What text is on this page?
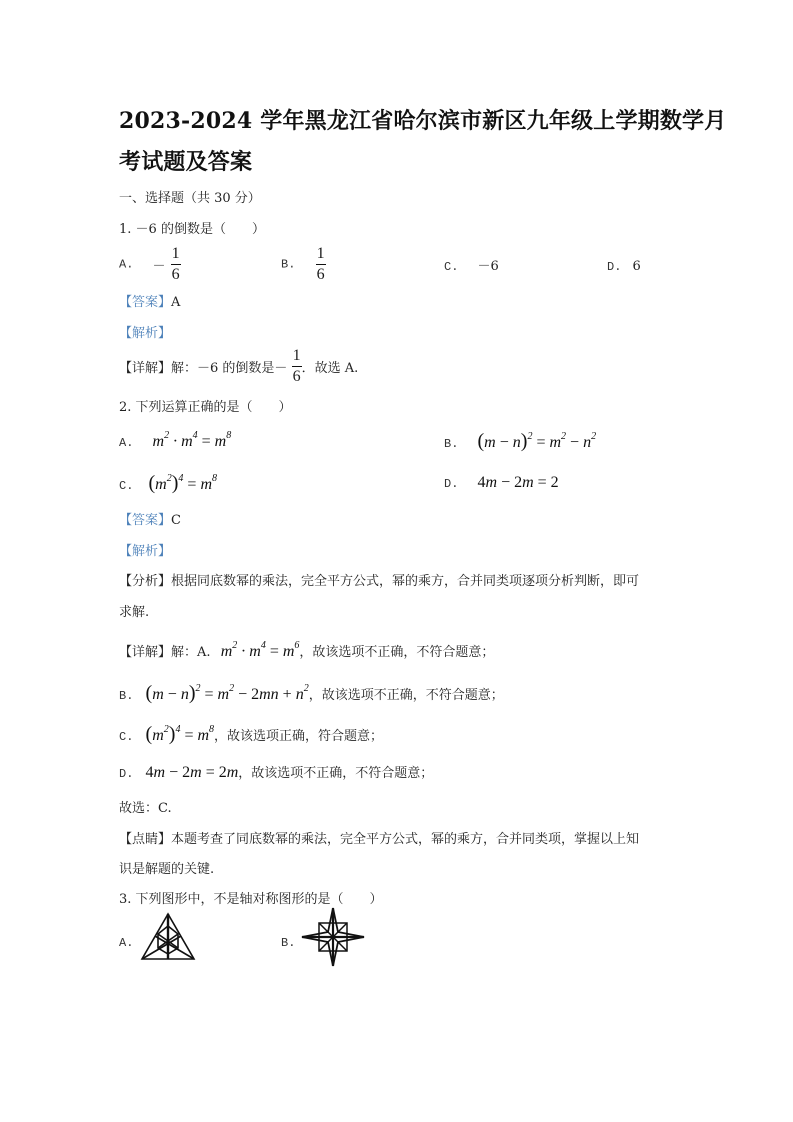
2023-2024 学年黑龙江省哈尔滨市新区九年级上学期数学月
考试题及答案
一、选择题（共 30 分）
1. －6 的倒数是（　　）
A. － $\frac{1}{6}$	B. $\frac{1}{6}$	C. －6	D. 6
【答案】A
【解析】
【详解】解：－6 的倒数是－ $\frac{1}{6}$ ．故选 A.
2. 下列运算正确的是（　　）
A. $m^2 \cdot m^4 = m^8$
B. $(m - n)^2 = m^2 - n^2$
C. $(m^2)^4 = m^8$	D. 4m − 2m = 2
【答案】C
【解析】
【分析】根据同底数幂的乘法，完全平方公式，幂的乘方，合并同类项逐项分析判断，即可
求解.
【详解】解：A. $m^2 \cdot m^4 = m^6$，故该选项不正确，不符合题意；
B. $(m - n)^2 = m^2 - 2mn + n^2$，故该选项不正确，不符合题意；
C. $(m^2)^4 = m^8$，故该选项正确，符合题意；
D. 4m − 2m = 2m，故该选项不正确，不符合题意；
故选：C.
【点睛】本题考查了同底数幂的乘法，完全平方公式，幂的乘方，合并同类项，掌握以上知
识是解题的关键.
3. 下列图形中，不是轴对称图形的是（　　）
A.	B.
